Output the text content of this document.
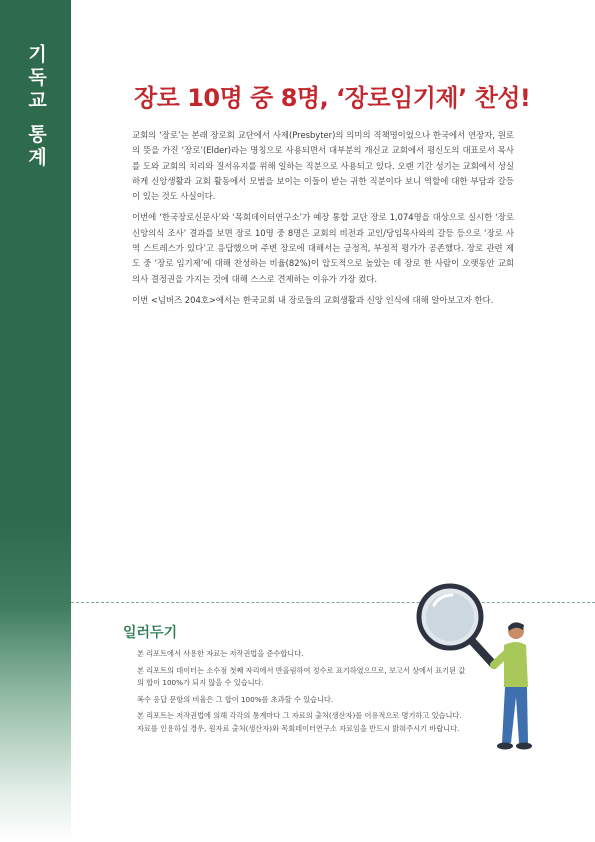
기독교 통계	장로 10명 중 8명, ‘장로임기제’ 찬성!

교회의 ‘장로’는 본래 장로회 교단에서 사제(Presbyter)의 의미의 직책명이었으나 한국에서 연장자, 원로의 뜻을 가진 ‘장로’(Elder)라는 명칭으로 사용되면서 대부분의 개신교 교회에서 평신도의 대표로서 목사를 도와 교회의 치리와 질서유지를 위해 일하는 직분으로 사용되고 있다. 오랜 기간 성기는 교회에서 성실하게 신앙생활과 교회 활동에서 모범을 보이는 이들이 받는 귀한 직분이다 보니 역할에 대한 부담과 갈등이 있는 것도 사실이다.

이번에 ‘한국장로신문사’와 ‘목회데이터연구소’가 예장 통합 교단 장로 1,074명을 대상으로 실시한 ‘장로 신앙의식 조사’ 결과를 보면 장로 10명 중 8명은 교회의 비전과 교인/당임목사와의 갈등 등으로 ‘장로 사역 스트레스가 있다’고 응답했으며 주변 장로에 대해서는 긍정적, 부정적 평가가 공존했다. 장로 관련 제도 중 ‘장로 임기제’에 대해 찬성하는 비율(82%)이 압도적으로 높았는 데 장로 한 사람이 오랫동안 교회 의사 결정권을 가지는 것에 대해 스스로 견제하는 이유가 가장 컸다.

이번 <넘버즈 204호>에서는 한국교회 내 장로들의 교회생활과 신앙 인식에 대해 알아보고자 한다.

일러두기
본 리포트에서 사용한 자료는 저작권법을 준수합니다.
본 리포트의 데이터는 소수점 첫째 자리에서 반올림하여 정수로 표기하였으므로, 보고서 상에서 표기된 값의 합이 100%가 되지 않을 수 있습니다.
복수 응답 문항의 비율은 그 합이 100%를 초과할 수 있습니다.
본 리포트는 저작권법에 의해 각각의 통계마다 그 자료의 출처(생산자)를 이유적으로 명기하고 있습니다. 자료를 인용하실 경우, 원자료 출처(생산자)와 목회데이터연구소 자료임을 반드시 밝혀주시기 바랍니다.
